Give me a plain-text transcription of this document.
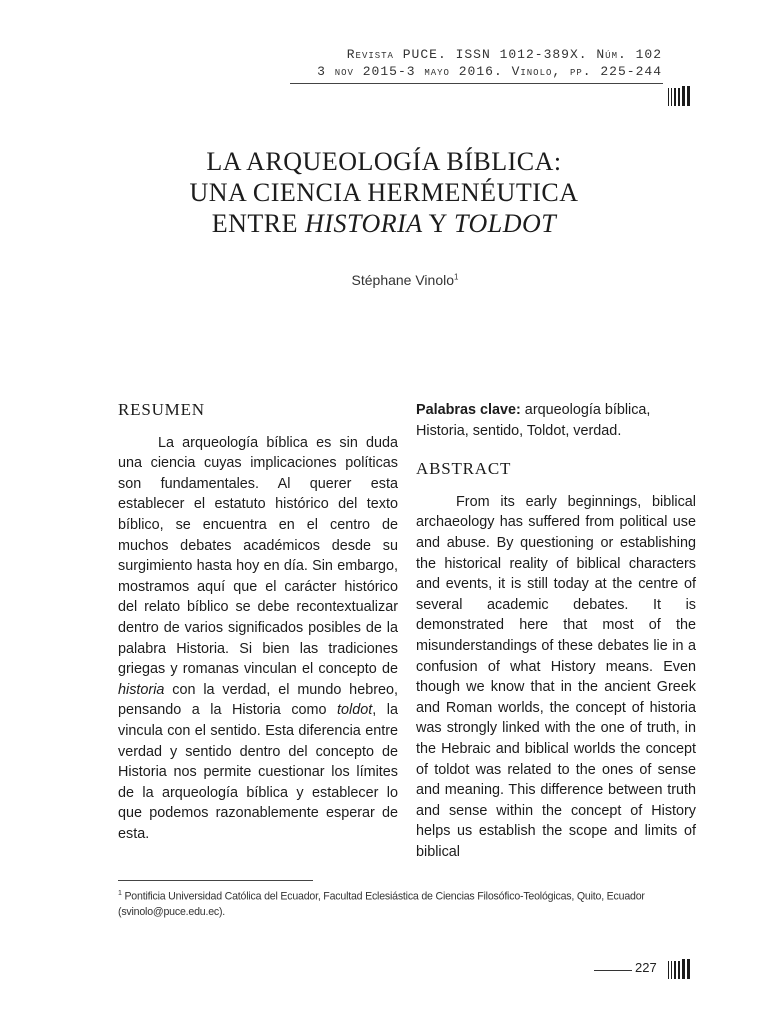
Revista PUCE. ISSN 1012-389X. Núm. 102
3 nov 2015-3 mayo 2016. Vinolo, pp. 225-244
LA ARQUEOLOGÍA BÍBLICA:
UNA CIENCIA HERMENÉUTICA
ENTRE HISTORIA Y TOLDOT
Stéphane Vinolo$^1$
RESUMEN

La arqueología bíblica es sin duda una ciencia cuyas implicaciones políticas son fundamentales. Al querer esta establecer el estatuto histórico del texto bíblico, se encuentra en el centro de muchos debates académicos desde su surgimiento hasta hoy en día. Sin embargo, mostramos aquí que el carácter histórico del relato bíblico se debe recontextualizar dentro de varios significados posibles de la palabra Historia. Si bien las tradiciones griegas y romanas vinculan el concepto de historia con la verdad, el mundo hebreo, pensando a la Historia como toldot, la vincula con el sentido. Esta diferencia entre verdad y sentido dentro del concepto de Historia nos permite cuestionar los límites de la arqueología bíblica y establecer lo que podemos razonablemente esperar de esta.

Palabras clave: arqueología bíblica, Historia, sentido, Toldot, verdad.

ABSTRACT

From its early beginnings, biblical archaeology has suffered from political use and abuse. By questioning or establishing the historical reality of biblical characters and events, it is still today at the centre of several academic debates. It is demonstrated here that most of the misunderstandings of these debates lie in a confusion of what History means. Even though we know that in the ancient Greek and Roman worlds, the concept of historia was strongly linked with the one of truth, in the Hebraic and biblical worlds the concept of toldot was related to the ones of sense and meaning. This difference between truth and sense within the concept of History helps us establish the scope and limits of biblical

$^1$ Pontificia Universidad Católica del Ecuador, Facultad Eclesiástica de Ciencias Filosófico-Teológicas, Quito, Ecuador (svinolo@puce.edu.ec).
227
